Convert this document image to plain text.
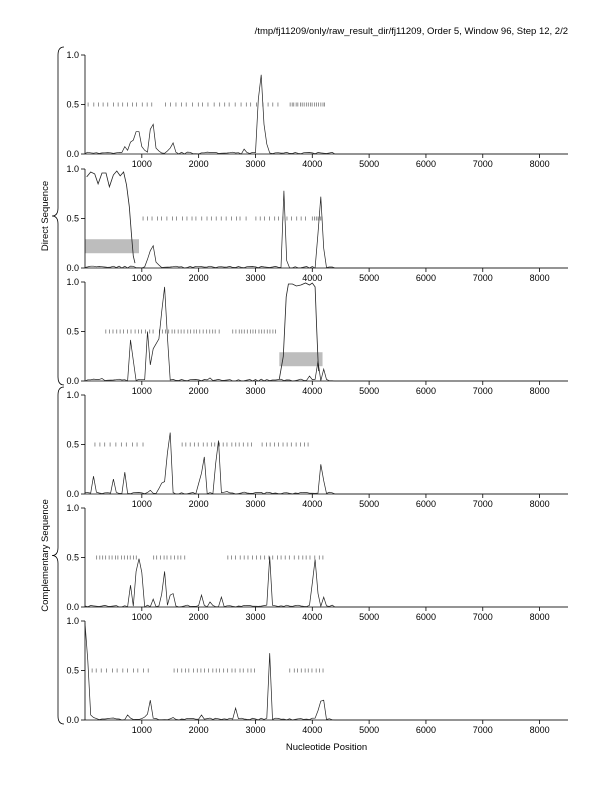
/tmp/fj11209/only/raw_result_dir/fj11209, Order 5, Window 96, Step 12, 2/2
0.0
0.5
1.0
1000	2000	3000	4000	5000	6000	7000	8000
0.0
0.5
1.0
1000	2000	3000	4000	5000	6000	7000	8000
0.0
0.5
1.0
1000	2000	3000	4000	5000	6000	7000	8000
0.0
0.5
1.0
1000	2000	3000	4000	5000	6000	7000	8000
0.0
0.5
1.0
1000	2000	3000	4000	5000	6000	7000	8000
0.0
0.5
1.0
1000	2000	3000	4000	5000	6000	7000	8000
Direct Sequence
Complementary Sequence
Nucleotide Position
